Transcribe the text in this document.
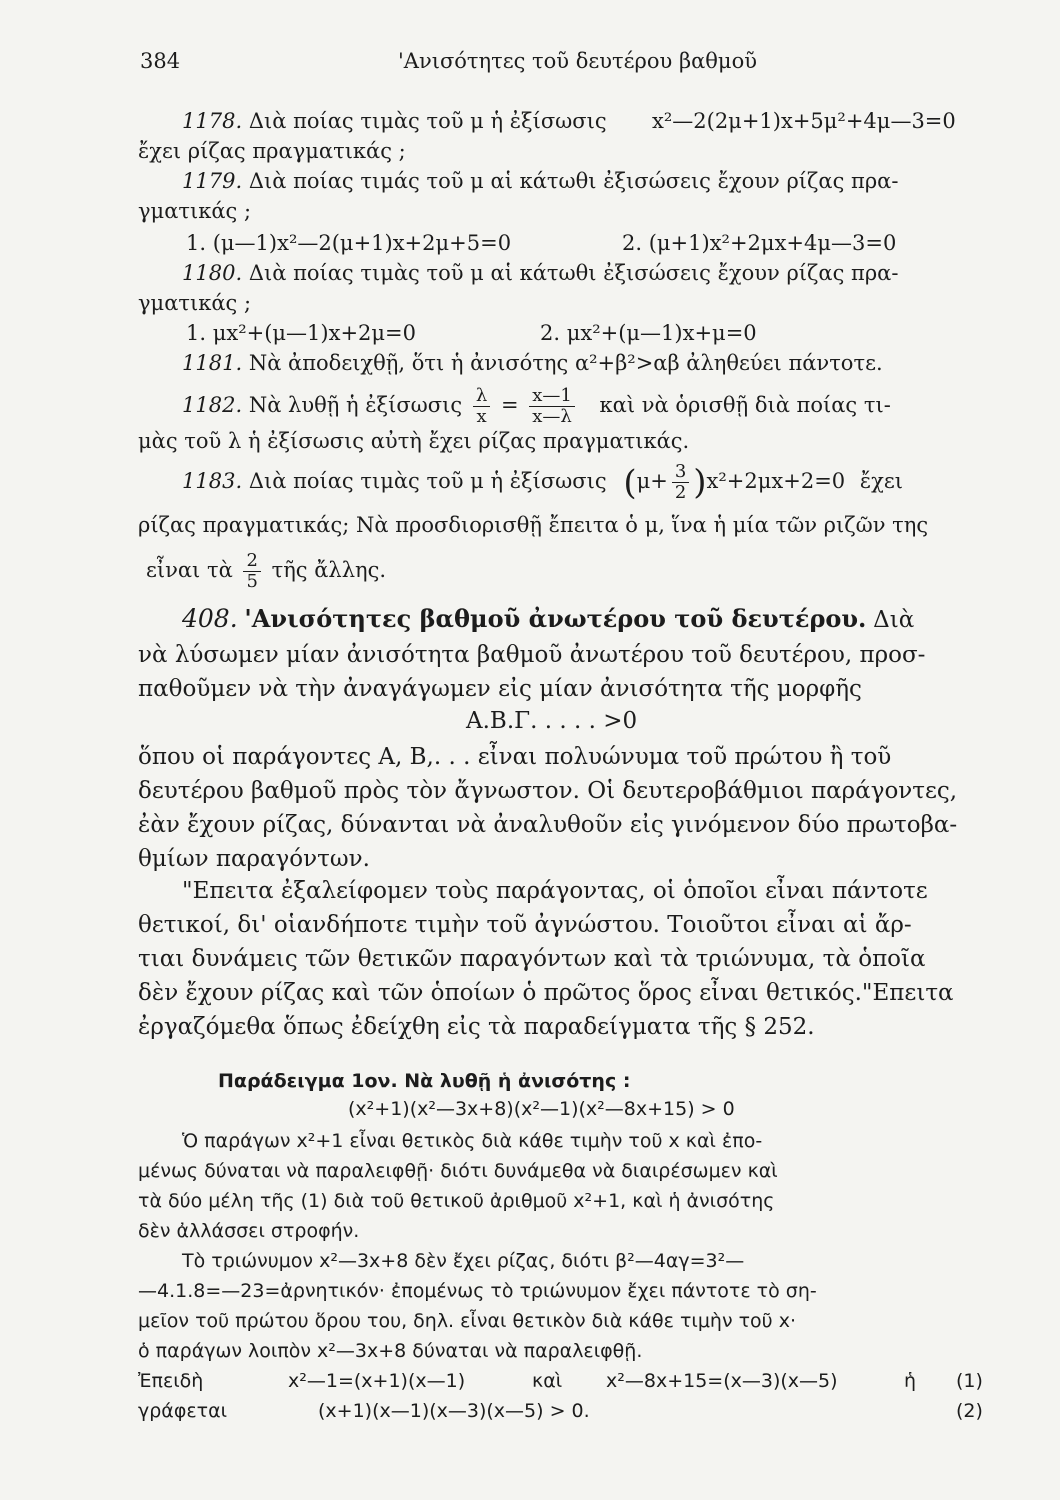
384	'Ανισότητες τοῦ δευτέρου βαθμοῦ
1178. Διὰ ποίας τιμὰς τοῦ μ ἡ ἐξίσωσις x²—2(2μ+1)x+5μ²+4μ—3=0
ἔχει ρίζας πραγματικάς ;
1179. Διὰ ποίας τιμάς τοῦ μ αἱ κάτωθι ἐξισώσεις ἔχουν ρίζας πρα-
γματικάς ;
1. (μ—1)x²—2(μ+1)x+2μ+5=0	2. (μ+1)x²+2μx+4μ—3=0
1180. Διὰ ποίας τιμὰς τοῦ μ αἱ κάτωθι ἐξισώσεις ἔχουν ρίζας πρα-
γματικάς ;
1. μx²+(μ—1)x+2μ=0	2. μx²+(μ—1)x+μ=0
1181. Νὰ ἀποδειχθῇ, ὅτι ἡ ἀνισότης α²+β²>αβ ἀληθεύει πάντοτε.
1182. Νὰ λυθῇ ἡ ἐξίσωσις $\frac{\lambda}{x} = \frac{x—1}{x—\lambda}$ καὶ νὰ ὁρισθῇ διὰ ποίας τι-
μὰς τοῦ λ ἡ ἐξίσωσις αὐτὴ ἔχει ρίζας πραγματικάς.
1183. Διὰ ποίας τιμὰς τοῦ μ ἡ ἐξίσωσις $(\mu+ \frac{3}{2} )x^2+2\mu x+2=0$ ἔχει
ρίζας πραγματικάς; Νὰ προσδιορισθῇ ἔπειτα ὁ μ, ἵνα ἡ μία τῶν ριζῶν της
εἶναι τὰ $\frac{2}{5}$ τῆς ἄλλης.
408. 'Ανισότητες βαθμοῦ ἀνωτέρου τοῦ δευτέρου. Διὰ
νὰ λύσωμεν μίαν ἀνισότητα βαθμοῦ ἀνωτέρου τοῦ δευτέρου, προσ-
παθοῦμεν νὰ τὴν ἀναγάγωμεν εἰς μίαν ἀνισότητα τῆς μορφῆς
Α.Β.Γ. . . . . >0
ὅπου οἱ παράγοντες Α, Β,. . . εἶναι πολυώνυμα τοῦ πρώτου ἢ τοῦ
δευτέρου βαθμοῦ πρὸς τὸν ἄγνωστον. Οἱ δευτεροβάθμιοι παράγοντες,
ἐὰν ἔχουν ρίζας, δύνανται νὰ ἀναλυθοῦν εἰς γινόμενον δύο πρωτοβα-
θμίων παραγόντων.
"Επειτα ἐξαλείφομεν τοὺς παράγοντας, οἱ ὁποῖοι εἶναι πάντοτε
θετικοί, δι' οἱανδήποτε τιμὴν τοῦ ἀγνώστου. Τοιοῦτοι εἶναι αἱ ἄρ-
τιαι δυνάμεις τῶν θετικῶν παραγόντων καὶ τὰ τριώνυμα, τὰ ὁποῖα
δὲν ἔχουν ρίζας καὶ τῶν ὁποίων ὁ πρῶτος ὅρος εἶναι θετικός."Επειτα
ἐργαζόμεθα ὅπως ἐδείχθη εἰς τὰ παραδείγματα τῆς § 252.
Παράδειγμα 1ον. Νὰ λυθῇ ἡ ἀνισότης :
(x²+1)(x²—3x+8)(x²—1)(x²—8x+15) > 0
Ὁ παράγων x²+1 εἶναι θετικὸς διὰ κάθε τιμὴν τοῦ x καὶ ἐπο-
μένως δύναται νὰ παραλειφθῇ· διότι δυνάμεθα νὰ διαιρέσωμεν καὶ
τὰ δύο μέλη τῆς (1) διὰ τοῦ θετικοῦ ἀριθμοῦ x²+1, καὶ ἡ ἀνισότης
δὲν ἀλλάσσει στροφήν.
Τὸ τριώνυμον x²—3x+8 δὲν ἔχει ρίζας, διότι β²—4αγ=3²—
—4.1.8=—23=ἀρνητικόν· ἐπομένως τὸ τριώνυμον ἔχει πάντοτε τὸ ση-
μεῖον τοῦ πρώτου ὅρου του, δηλ. εἶναι θετικὸν διὰ κάθε τιμὴν τοῦ x·
ὁ παράγων λοιπὸν x²—3x+8 δύναται νὰ παραλειφθῇ.
Ἐπειδὴ	x²—1=(x+1)(x—1)	καὶ x²—8x+15=(x—3)(x—5)	ἡ (1)
γράφεται	(x+1)(x—1)(x—3)(x—5) > 0.	(2)
